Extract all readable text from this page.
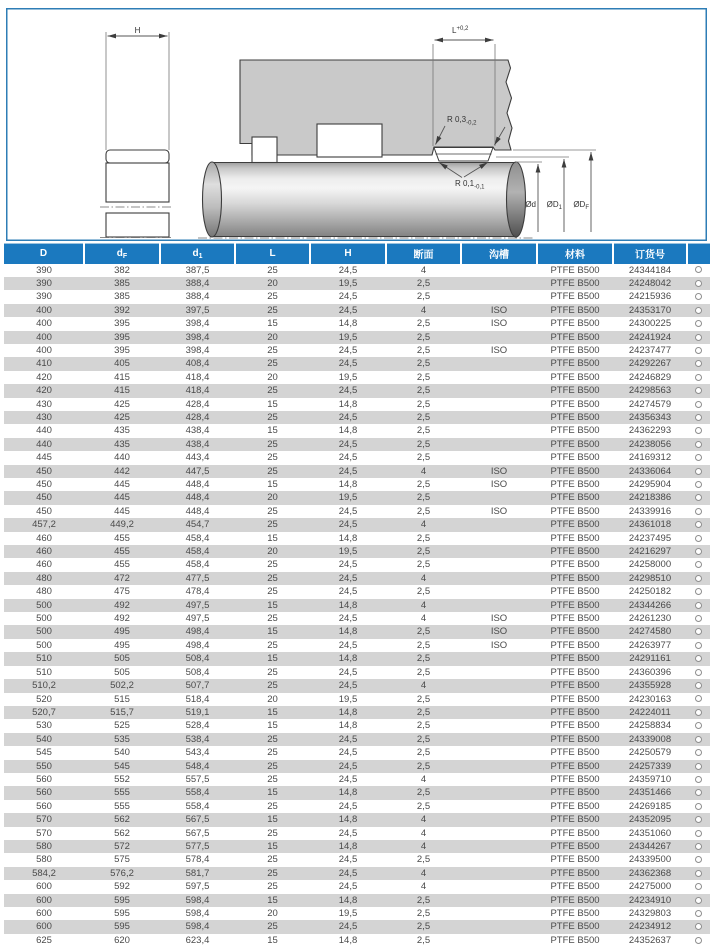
H	$L^{+0,2}$
R $0,3_{-0,2}$
R $0,1_{-0,1}$
Ød $ØD_1$ $ØD_F$
D	$d_F$	$d_1$	L	H	断面	沟槽	材料	订货号	
390	382	387,5	25	24,5	4		PTFE B500	24344184	
390	385	388,4	20	19,5	2,5		PTFE B500	24248042	
390	385	388,4	25	24,5	2,5		PTFE B500	24215936	
400	392	397,5	25	24,5	4	ISO	PTFE B500	24353170	
400	395	398,4	15	14,8	2,5	ISO	PTFE B500	24300225	
400	395	398,4	20	19,5	2,5		PTFE B500	24241924	
400	395	398,4	25	24,5	2,5	ISO	PTFE B500	24237477	
410	405	408,4	25	24,5	2,5		PTFE B500	24292267	
420	415	418,4	20	19,5	2,5		PTFE B500	24246829	
420	415	418,4	25	24,5	2,5		PTFE B500	24298563	
430	425	428,4	15	14,8	2,5		PTFE B500	24274579	
430	425	428,4	25	24,5	2,5		PTFE B500	24356343	
440	435	438,4	15	14,8	2,5		PTFE B500	24362293	
440	435	438,4	25	24,5	2,5		PTFE B500	24238056	
445	440	443,4	25	24,5	2,5		PTFE B500	24169312	
450	442	447,5	25	24,5	4	ISO	PTFE B500	24336064	
450	445	448,4	15	14,8	2,5	ISO	PTFE B500	24295904	
450	445	448,4	20	19,5	2,5		PTFE B500	24218386	
450	445	448,4	25	24,5	2,5	ISO	PTFE B500	24339916	
457,2	449,2	454,7	25	24,5	4		PTFE B500	24361018	
460	455	458,4	15	14,8	2,5		PTFE B500	24237495	
460	455	458,4	20	19,5	2,5		PTFE B500	24216297	
460	455	458,4	25	24,5	2,5		PTFE B500	24258000	
480	472	477,5	25	24,5	4		PTFE B500	24298510	
480	475	478,4	25	24,5	2,5		PTFE B500	24250182	
500	492	497,5	15	14,8	4		PTFE B500	24344266	
500	492	497,5	25	24,5	4	ISO	PTFE B500	24261230	
500	495	498,4	15	14,8	2,5	ISO	PTFE B500	24274580	
500	495	498,4	25	24,5	2,5	ISO	PTFE B500	24263977	
510	505	508,4	15	14,8	2,5		PTFE B500	24291161	
510	505	508,4	25	24,5	2,5		PTFE B500	24360396	
510,2	502,2	507,7	25	24,5	4		PTFE B500	24355928	
520	515	518,4	20	19,5	2,5		PTFE B500	24230163	
520,7	515,7	519,1	15	14,8	2,5		PTFE B500	24224011	
530	525	528,4	15	14,8	2,5		PTFE B500	24258834	
540	535	538,4	25	24,5	2,5		PTFE B500	24339008	
545	540	543,4	25	24,5	2,5		PTFE B500	24250579	
550	545	548,4	25	24,5	2,5		PTFE B500	24257339	
560	552	557,5	25	24,5	4		PTFE B500	24359710	
560	555	558,4	15	14,8	2,5		PTFE B500	24351466	
560	555	558,4	25	24,5	2,5		PTFE B500	24269185	
570	562	567,5	15	14,8	4		PTFE B500	24352095	
570	562	567,5	25	24,5	4		PTFE B500	24351060	
580	572	577,5	15	14,8	4		PTFE B500	24344267	
580	575	578,4	25	24,5	2,5		PTFE B500	24339500	
584,2	576,2	581,7	25	24,5	4		PTFE B500	24362368	
600	592	597,5	25	24,5	4		PTFE B500	24275000	
600	595	598,4	15	14,8	2,5		PTFE B500	24234910	
600	595	598,4	20	19,5	2,5		PTFE B500	24329803	
600	595	598,4	25	24,5	2,5		PTFE B500	24234912	
625	620	623,4	15	14,8	2,5		PTFE B500	24352637	
